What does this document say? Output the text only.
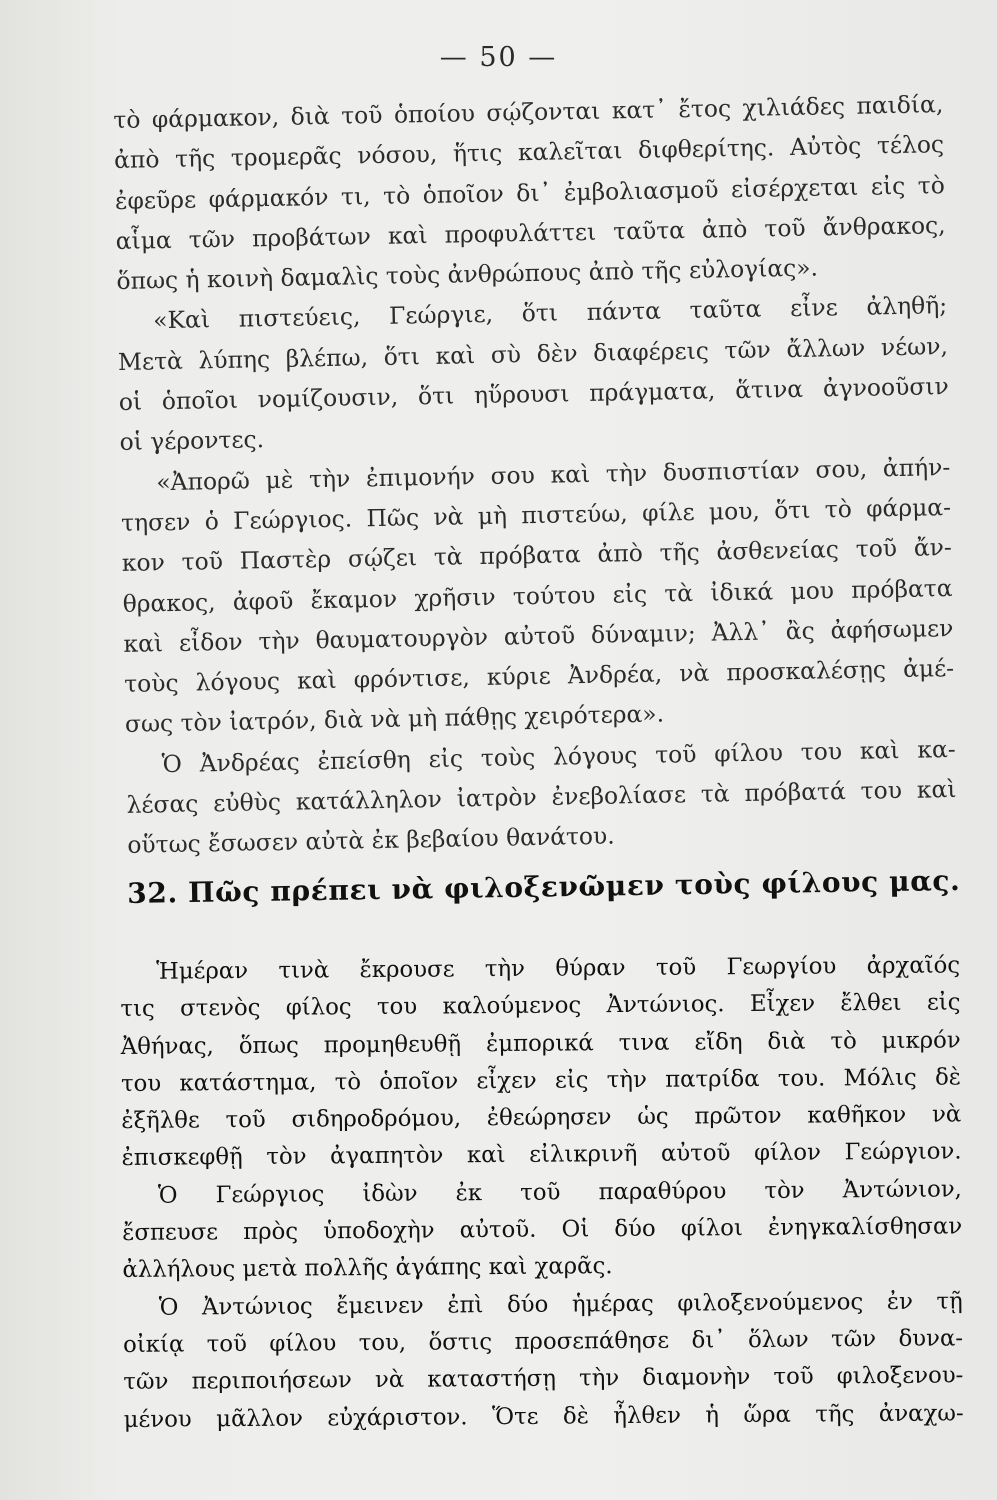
— 50 —
τὸ φάρμακον, διὰ τοῦ ὁποίου σῴζονται κατ᾽ ἔτος χιλιάδες παιδία,
ἀπὸ τῆς τρομερᾶς νόσου, ἥτις καλεῖται διφθερίτης. Αὐτὸς τέλος
ἐφεῦρε φάρμακόν τι, τὸ ὁποῖον δι᾽ ἐμβολιασμοῦ εἰσέρχεται εἰς τὸ
αἷμα τῶν προβάτων καὶ προφυλάττει ταῦτα ἀπὸ τοῦ ἄνθρακος,
ὅπως ἡ κοινὴ δαμαλὶς τοὺς ἀνθρώπους ἀπὸ τῆς εὐλογίας».
«Καὶ πιστεύεις, Γεώργιε, ὅτι πάντα ταῦτα εἶνε ἀληθῆ;
Μετὰ λύπης βλέπω, ὅτι καὶ σὺ δὲν διαφέρεις τῶν ἄλλων νέων,
οἱ ὁποῖοι νομίζουσιν, ὅτι ηὕρουσι πράγματα, ἅτινα ἀγνοοῦσιν
οἱ γέροντες.
«Ἀπορῶ μὲ τὴν ἐπιμονήν σου καὶ τὴν δυσπιστίαν σου, ἀπήν-
τησεν ὁ Γεώργιος. Πῶς νὰ μὴ πιστεύω, φίλε μου, ὅτι τὸ φάρμα-
κον τοῦ Παστὲρ σῴζει τὰ πρόβατα ἀπὸ τῆς ἀσθενείας τοῦ ἄν-
θρακος, ἀφοῦ ἔκαμον χρῆσιν τούτου εἰς τὰ ἰδικά μου πρόβατα
καὶ εἶδον τὴν θαυματουργὸν αὐτοῦ δύναμιν; Ἀλλ᾽ ἂς ἀφήσωμεν
τοὺς λόγους καὶ φρόντισε, κύριε Ἀνδρέα, νὰ προσκαλέσῃς ἀμέ-
σως τὸν ἰατρόν, διὰ νὰ μὴ πάθῃς χειρότερα».
Ὁ Ἀνδρέας ἐπείσθη εἰς τοὺς λόγους τοῦ φίλου του καὶ κα-
λέσας εὐθὺς κατάλληλον ἰατρὸν ἐνεβολίασε τὰ πρόβατά του καὶ
οὕτως ἔσωσεν αὐτὰ ἐκ βεβαίου θανάτου.
32. Πῶς πρέπει νὰ φιλοξενῶμεν τοὺς φίλους μας.
Ἡμέραν τινὰ ἔκρουσε τὴν θύραν τοῦ Γεωργίου ἀρχαῖός
τις στενὸς φίλος του καλούμενος Ἀντώνιος. Εἶχεν ἔλθει εἰς
Ἀθήνας, ὅπως προμηθευθῇ ἐμπορικά τινα εἴδη διὰ τὸ μικρόν
του κατάστημα, τὸ ὁποῖον εἶχεν εἰς τὴν πατρίδα του. Μόλις δὲ
ἐξῆλθε τοῦ σιδηροδρόμου, ἐθεώρησεν ὡς πρῶτον καθῆκον νὰ
ἐπισκεφθῇ τὸν ἀγαπητὸν καὶ εἰλικρινῆ αὐτοῦ φίλον Γεώργιον.
Ὁ Γεώργιος ἰδὼν ἐκ τοῦ παραθύρου τὸν Ἀντώνιον,
ἔσπευσε πρὸς ὑποδοχὴν αὐτοῦ. Οἱ δύο φίλοι ἐνηγκαλίσθησαν
ἀλλήλους μετὰ πολλῆς ἀγάπης καὶ χαρᾶς.
Ὁ Ἀντώνιος ἔμεινεν ἐπὶ δύο ἡμέρας φιλοξενούμενος ἐν τῇ
οἰκίᾳ τοῦ φίλου του, ὅστις προσεπάθησε δι᾽ ὅλων τῶν δυνα-
τῶν περιποιήσεων νὰ καταστήσῃ τὴν διαμονὴν τοῦ φιλοξενου-
μένου μᾶλλον εὐχάριστον. Ὅτε δὲ ἦλθεν ἡ ὥρα τῆς ἀναχω-
